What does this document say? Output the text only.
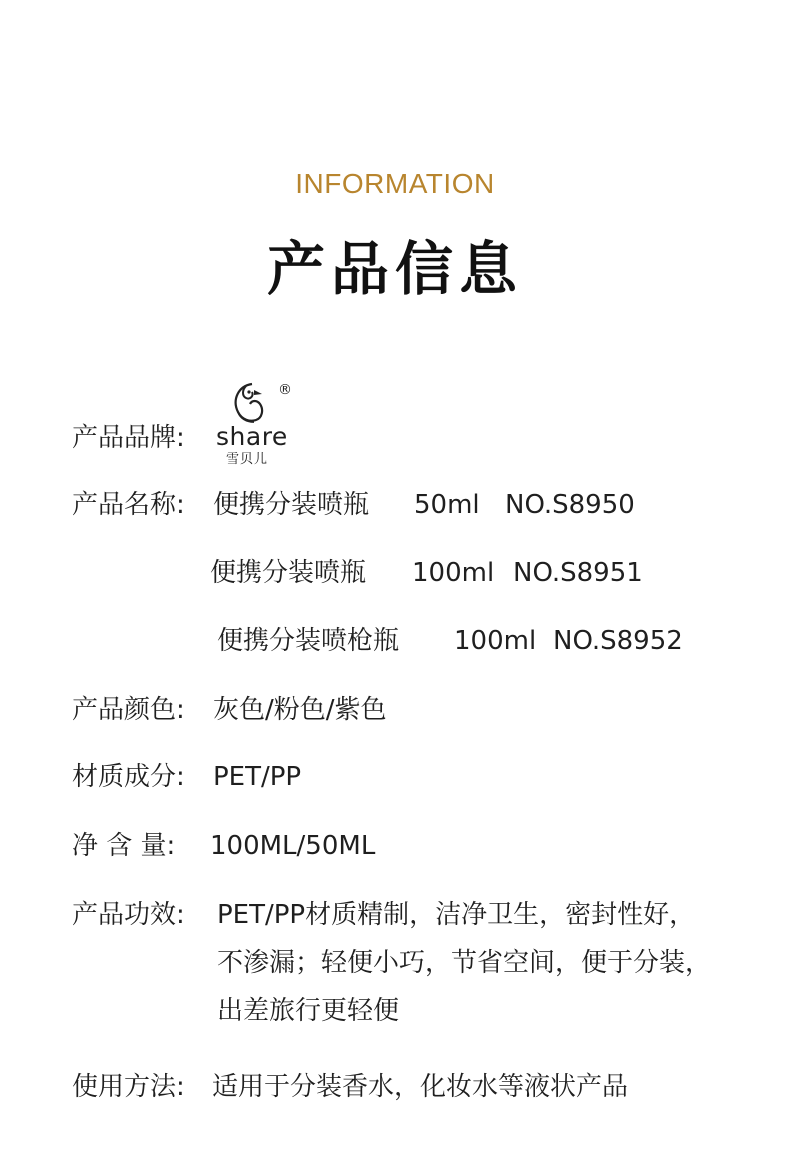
INFORMATION
产品信息
产品品牌:
®
share
雪贝儿
产品名称: 便携分装喷瓶 50ml NO.S8950
便携分装喷瓶 100ml NO.S8951
便携分装喷枪瓶 100ml NO.S8952
产品颜色: 灰色/粉色/紫色
材质成分: PET/PP
净 含 量: 100ML/50ML
产品功效: PET/PP材质精制，洁净卫生，密封性好，
不渗漏；轻便小巧，节省空间，便于分装，
出差旅行更轻便
使用方法: 适用于分装香水，化妆水等液状产品
